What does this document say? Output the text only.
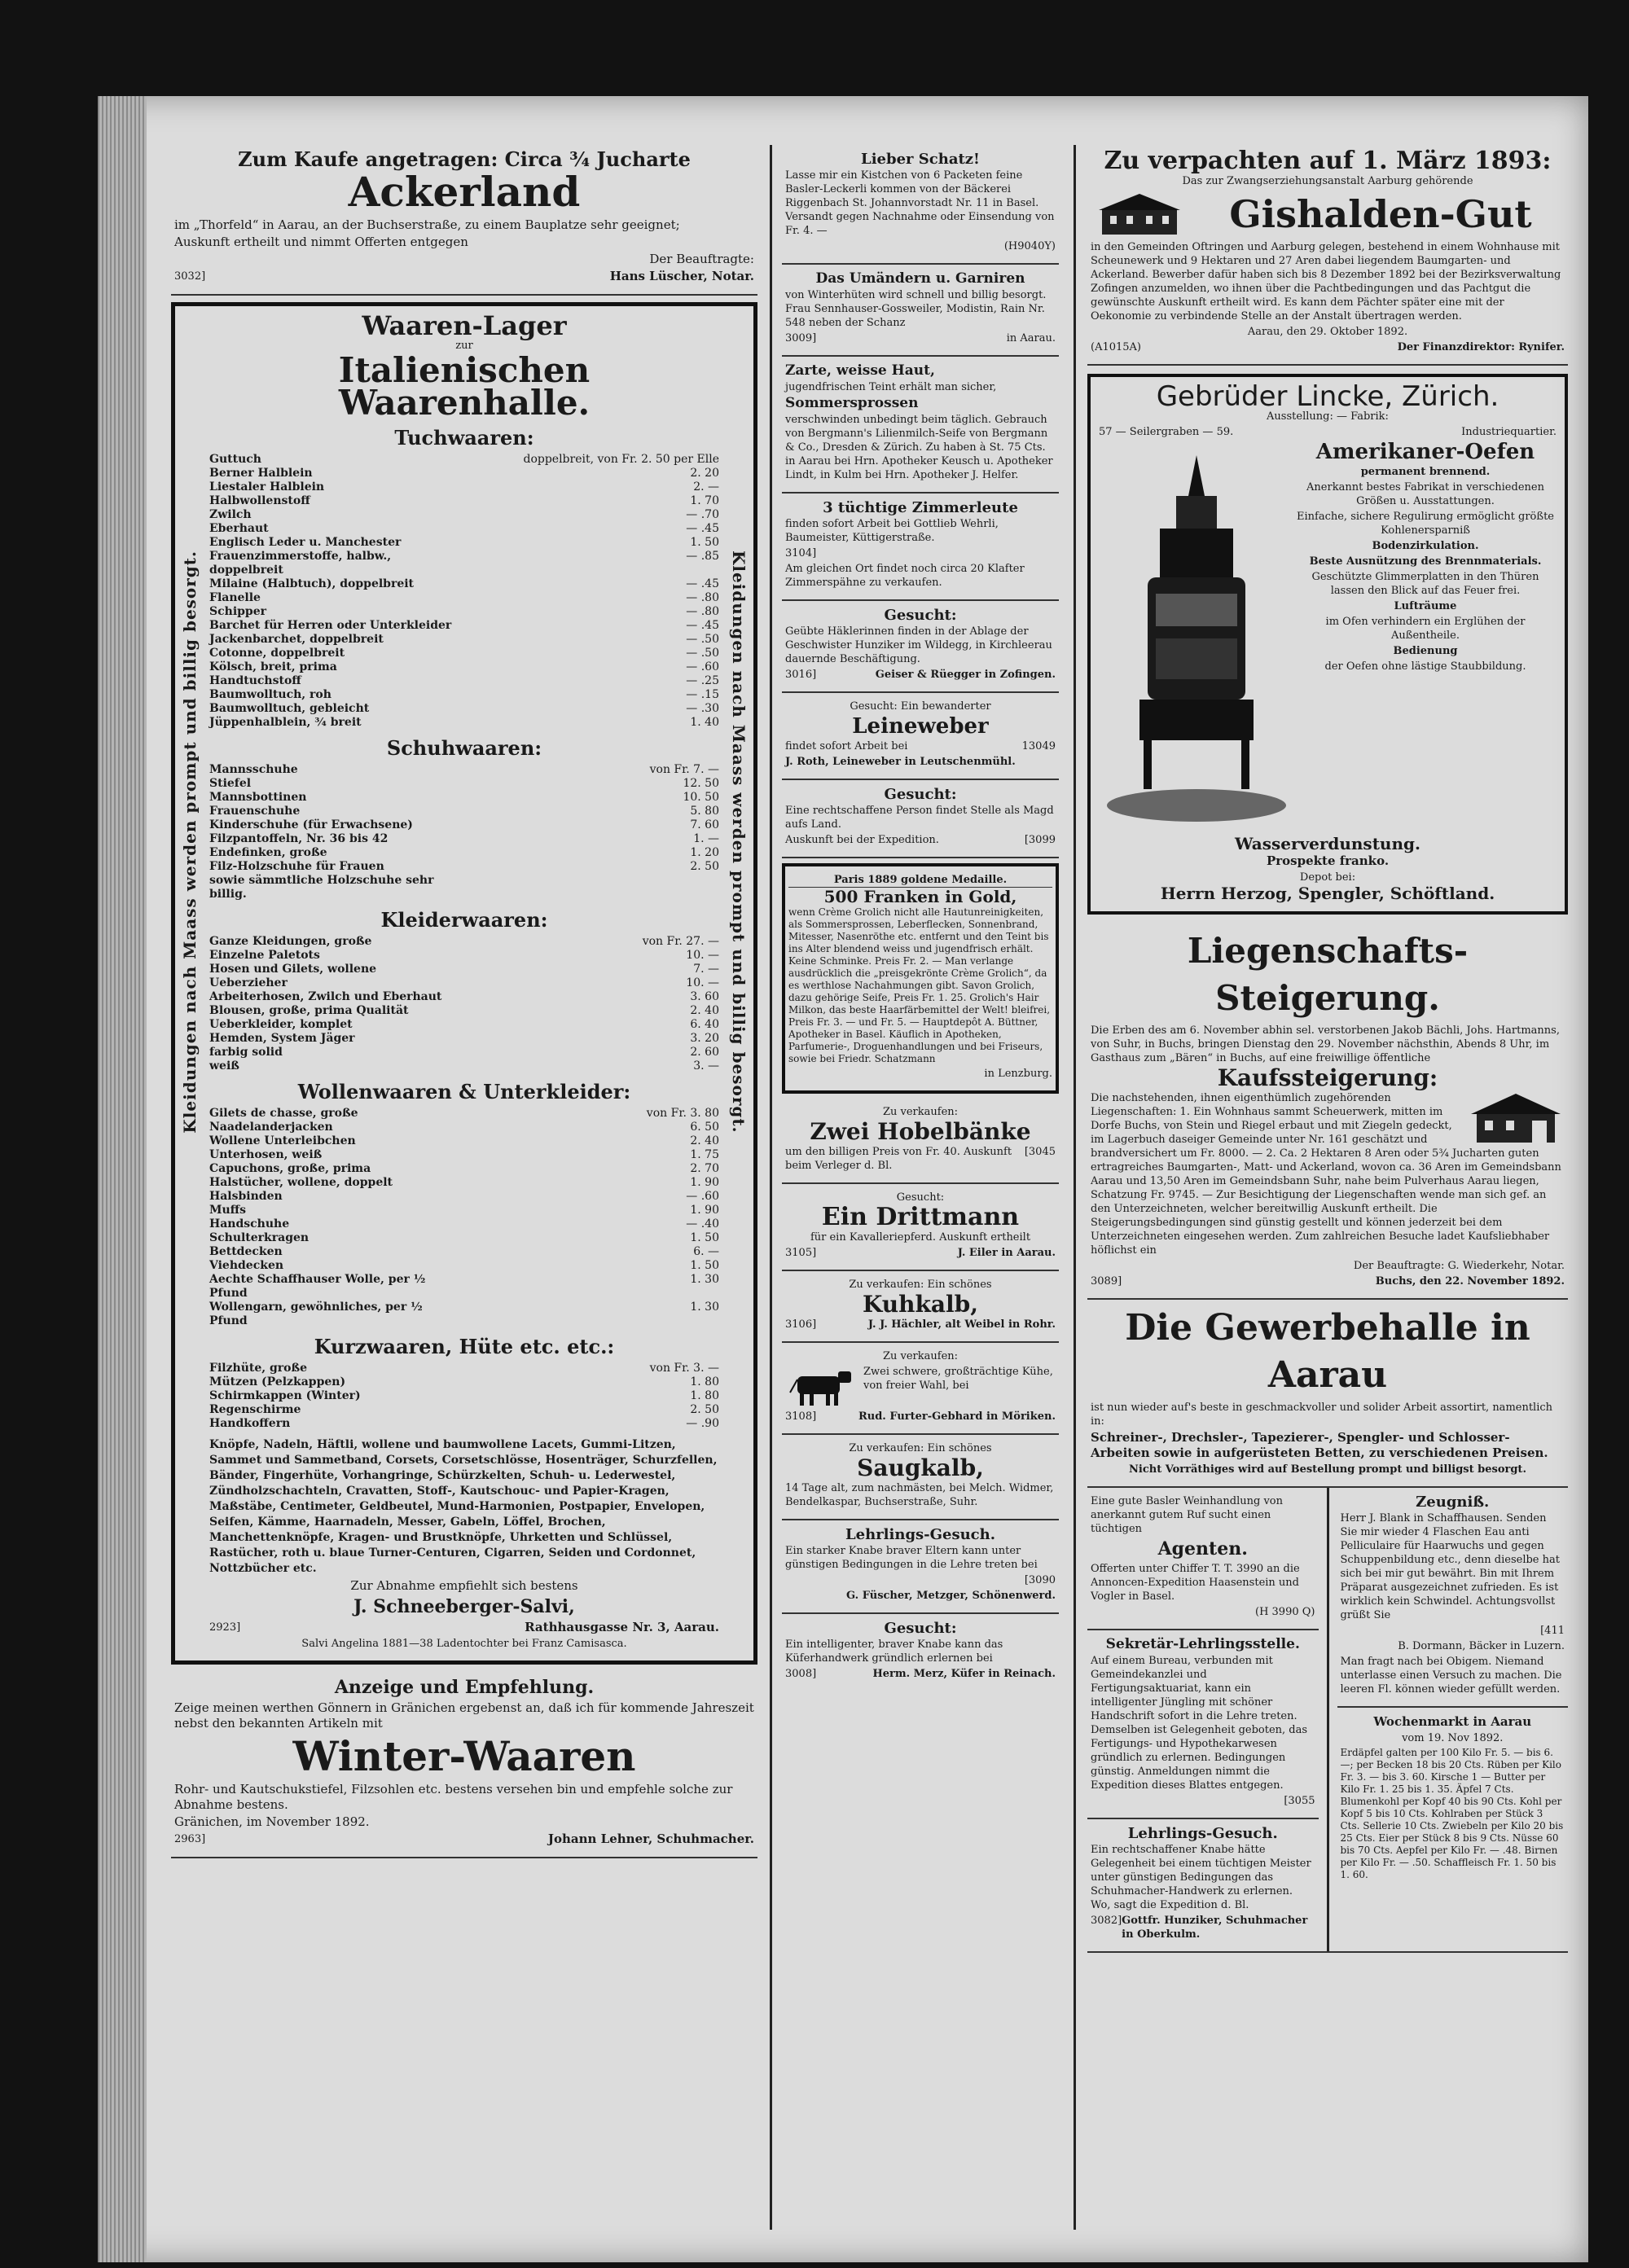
Zum Kaufe angetragen: Circa ¾ Jucharte

Ackerland

im „Thorfeld“ in Aarau, an der Buchserstraße, zu einem Bauplatze sehr geeignet;

Auskunft ertheilt und nimmt Offerten entgegen

Der Beauftragte:

3032]	Hans Lüscher, Notar.

Kleidungen nach Maass werden prompt und billig besorgt.	Kleidungen nach Maass werden prompt und billig besorgt.
Waaren-Lager

zur

Italienischen Waarenhalle.
Tuchwaaren:
Guttuch	doppelbreit, von Fr. 2. 50 per Elle
Berner Halblein	2. 20
Liestaler Halblein	2. —
Halbwollenstoff	1. 70
Zwilch	— .70
Eberhaut	— .45
Englisch Leder u. Manchester	1. 50
Frauenzimmerstoffe, halbw., doppelbreit
— .85
Milaine (Halbtuch), doppelbreit	— .45
Flanelle	— .80
Schipper	— .80
Barchet für Herren oder Unterkleider	— .45
Jackenbarchet, doppelbreit	— .50
Cotonne, doppelbreit	— .50
Kölsch, breit, prima	— .60
Handtuchstoff	— .25
Baumwolltuch, roh	— .15
Baumwolltuch, gebleicht	— .30
Jüppenhalblein, ¾ breit	1. 40
Schuhwaaren:
Mannsschuhe	von Fr. 7. —
Stiefel	12. 50
Mannsbottinen	10. 50
Frauenschuhe	5. 80
Kinderschuhe (für Erwachsene)	7. 60
Filzpantoffeln, Nr. 36 bis 42	1. —
Endefinken, große	1. 20
Filz-Holzschuhe für Frauen	2. 50
sowie sämmtliche Holzschuhe sehr billig.
Kleiderwaaren:
Ganze Kleidungen, große	von Fr. 27. —
Einzelne Paletots	10. —
Hosen und Gilets, wollene	7. —
Ueberzieher	10. —
Arbeiterhosen, Zwilch und Eberhaut	3. 60
Blousen, große, prima Qualität	2. 40
Ueberkleider, komplet	6. 40
Hemden, System Jäger	3. 20
farbig solid	2. 60
weiß	3. —
Wollenwaaren & Unterkleider:
Gilets de chasse, große	von Fr. 3. 80
Naadelanderjacken	6. 50
Wollene Unterleibchen	2. 40
Unterhosen, weiß	1. 75
Capuchons, große, prima	2. 70
Halstücher, wollene, doppelt	1. 90
Halsbinden	— .60
Muffs	1. 90
Handschuhe	— .40
Schulterkragen	1. 50
Bettdecken	6. —
Viehdecken	1. 50
Aechte Schaffhauser Wolle, per ½ Pfund
1. 30
Wollengarn, gewöhnliches, per ½ Pfund
1. 30
Kurzwaaren, Hüte etc. etc.:
Filzhüte, große	von Fr. 3. —
Mützen (Pelzkappen)	1. 80
Schirmkappen (Winter)	1. 80
Regenschirme	2. 50
Handkoffern	— .90

Knöpfe, Nadeln, Häftli, wollene und baumwollene Lacets, Gummi-Litzen, Sammet und Sammetband, Corsets, Corsetschlösse, Hosenträger, Schurzfellen, Bänder, Fingerhüte, Vorhangringe, Schürzkelten, Schuh- u. Lederwestel, Zündholzschachteln, Cravatten, Stoff-, Kautschouc- und Papier-Kragen, Maßstäbe, Centimeter, Geldbeutel, Mund-Harmonien, Postpapier, Envelopen, Seifen, Kämme, Haarnadeln, Messer, Gabeln, Löffel, Brochen, Manchettenknöpfe, Kragen- und Brustknöpfe, Uhrketten und Schlüssel, Rastücher, roth u. blaue Turner-Centuren, Cigarren, Seiden und Cordonnet, Nottzbücher etc.

Zur Abnahme empfiehlt sich bestens

J. Schneeberger-Salvi,

2923]	Rathhausgasse Nr. 3, Aarau.

Salvi Angelina 1881—38 Ladentochter bei Franz Camisasca.

Anzeige und Empfehlung.

Zeige meinen werthen Gönnern in Gränichen ergebenst an, daß ich für kommende Jahreszeit nebst den bekannten Artikeln mit

Winter-Waaren

Rohr- und Kautschukstiefel, Filzsohlen etc. bestens versehen bin und empfehle solche zur Abnahme bestens.

Gränichen, im November 1892.

2963]	Johann Lehner, Schuhmacher.

Lieber Schatz!

Lasse mir ein Kistchen von 6 Packeten feine Basler-Leckerli kommen von der Bäckerei Riggenbach St. Johannvorstadt Nr. 11 in Basel. Versandt gegen Nachnahme oder Einsendung von Fr. 4. —

(H9040Y)

Das Umändern u. Garniren

von Winterhüten wird schnell und billig besorgt. Frau Sennhauser-Gossweiler, Modistin, Rain Nr. 548 neben der Schanz

3009]	in Aarau.

Zarte, weisse Haut,

jugendfrischen Teint erhält man sicher,

Sommersprossen

verschwinden unbedingt beim täglich. Gebrauch von Bergmann's Lilienmilch-Seife von Bergmann & Co., Dresden & Zürich. Zu haben à St. 75 Cts. in Aarau bei Hrn. Apotheker Keusch u. Apotheker Lindt, in Kulm bei Hrn. Apotheker J. Helfer.

3 tüchtige Zimmerleute

finden sofort Arbeit bei Gottlieb Wehrli, Baumeister, Küttigerstraße.

3104]

Am gleichen Ort findet noch circa 20 Klafter Zimmerspähne zu verkaufen.

Gesucht:

Geübte Häklerinnen finden in der Ablage der Geschwister Hunziker im Wildegg, in Kirchleerau dauernde Beschäftigung.

3016]	Geiser & Rüegger in Zofingen.

Gesucht: Ein bewanderter

Leineweber

findet sofort Arbeit bei	13049

J. Roth, Leineweber in Leutschenmühl.

Gesucht:

Eine rechtschaffene Person findet Stelle als Magd aufs Land.

Auskunft bei der Expedition.	[3099

Paris 1889 goldene Medaille.

500 Franken in Gold,

wenn Crème Grolich nicht alle Hautunreinigkeiten, als Sommersprossen, Leberflecken, Sonnenbrand, Mitesser, Nasenröthe etc. entfernt und den Teint bis ins Alter blendend weiss und jugendfrisch erhält. Keine Schminke. Preis Fr. 2. — Man verlange ausdrücklich die „preisgekrönte Crème Grolich“, da es werthlose Nachahmungen gibt. Savon Grolich, dazu gehörige Seife, Preis Fr. 1. 25. Grolich's Hair Milkon, das beste Haarfärbemittel der Welt! bleifrei, Preis Fr. 3. — und Fr. 5. — Hauptdepôt A. Büttner, Apotheker in Basel. Käuflich in Apotheken, Parfumerie-, Droguenhandlungen und bei Friseurs, sowie bei Friedr. Schatzmann

in Lenzburg.

Zu verkaufen:

Zwei Hobelbänke

um den billigen Preis von Fr. 40. Auskunft beim Verleger d. Bl.
[3045

Gesucht:

Ein Drittmann

für ein Kavalleriepferd. Auskunft ertheilt

3105]	J. Eiler in Aarau.

Zu verkaufen: Ein schönes

Kuhkalb,

3106]	J. J. Hächler, alt Weibel in Rohr.

Zu verkaufen:

Zwei schwere, großträchtige Kühe, von freier Wahl, bei

3108]	Rud. Furter-Gebhard in Möriken.

Zu verkaufen: Ein schönes

Saugkalb,

14 Tage alt, zum nachmästen, bei Melch. Widmer, Bendelkaspar, Buchserstraße, Suhr.

Lehrlings-Gesuch.

Ein starker Knabe braver Eltern kann unter günstigen Bedingungen in die Lehre treten bei

[3090

G. Füscher, Metzger, Schönenwerd.

Gesucht:

Ein intelligenter, braver Knabe kann das Küferhandwerk gründlich erlernen bei

3008]	Herm. Merz, Küfer in Reinach.

Zu verpachten auf 1. März 1893:

Das zur Zwangserziehungsanstalt Aarburg gehörende

Gishalden-Gut

in den Gemeinden Oftringen und Aarburg gelegen, bestehend in einem Wohnhause mit Scheunewerk und 9 Hektaren und 27 Aren dabei liegendem Baumgarten- und Ackerland. Bewerber dafür haben sich bis 8 Dezember 1892 bei der Bezirksverwaltung Zofingen anzumelden, wo ihnen über die Pachtbedingungen und das Pachtgut die gewünschte Auskunft ertheilt wird. Es kann dem Pächter später eine mit der Oekonomie zu verbindende Stelle an der Anstalt übertragen werden.

Aarau, den 29. Oktober 1892.

(A1015A)	Der Finanzdirektor: Rynifer.

Gebrüder Lincke, Zürich.

Ausstellung: — Fabrik:

57 — Seilergraben — 59.	Industriequartier.

Amerikaner-Oefen

permanent brennend.

Anerkannt bestes Fabrikat in verschiedenen Größen u. Ausstattungen.

Einfache, sichere Regulirung ermöglicht größte Kohlenersparniß

Bodenzirkulation.

Beste Ausnützung des Brennmaterials.

Geschützte Glimmerplatten in den Thüren lassen den Blick auf das Feuer frei.

Lufträume

im Ofen verhindern ein Erglühen der Außentheile.

Bedienung

der Oefen ohne lästige Staubbildung.

Wasserverdunstung.

Prospekte franko.

Depot bei:

Herrn Herzog, Spengler, Schöftland.

Liegenschafts-Steigerung.

Die Erben des am 6. November abhin sel. verstorbenen Jakob Bächli, Johs. Hartmanns, von Suhr, in Buchs, bringen Dienstag den 29. November nächsthin, Abends 8 Uhr, im Gasthaus zum „Bären“ in Buchs, auf eine freiwillige öffentliche

Kaufssteigerung:

Die nachstehenden, ihnen eigenthümlich zugehörenden Liegenschaften: 1. Ein Wohnhaus sammt Scheuerwerk, mitten im Dorfe Buchs, von Stein und Riegel erbaut und mit Ziegeln gedeckt, im Lagerbuch daseiger Gemeinde unter Nr. 161 geschätzt und brandversichert um Fr. 8000. — 2. Ca. 2 Hektaren 8 Aren oder 5¾ Jucharten guten ertragreiches Baumgarten-, Matt- und Ackerland, wovon ca. 36 Aren im Gemeindsbann Aarau und 13,50 Aren im Gemeindsbann Suhr, nahe beim Pulverhaus Aarau liegen, Schatzung Fr. 9745. — Zur Besichtigung der Liegenschaften wende man sich gef. an den Unterzeichneten, welcher bereitwillig Auskunft ertheilt. Die Steigerungsbedingungen sind günstig gestellt und können jederzeit bei dem Unterzeichneten eingesehen werden. Zum zahlreichen Besuche ladet Kaufsliebhaber höflichst ein

Der Beauftragte: G. Wiederkehr, Notar.

3089]	Buchs, den 22. November 1892.

Die Gewerbehalle in Aarau

ist nun wieder auf's beste in geschmackvoller und solider Arbeit assortirt, namentlich in:

Schreiner-, Drechsler-, Tapezierer-, Spengler- und Schlosser-Arbeiten sowie in aufgerüsteten Betten, zu verschiedenen Preisen.

Nicht Vorräthiges wird auf Bestellung prompt und billigst besorgt.

Eine gute Basler Weinhandlung von anerkannt gutem Ruf sucht einen tüchtigen

Agenten.

Offerten unter Chiffer T. T. 3990 an die Annoncen-Expedition Haasenstein und Vogler in Basel.

(H 3990 Q)

Sekretär-Lehrlingsstelle.

Auf einem Bureau, verbunden mit Gemeindekanzlei und Fertigungsaktuariat, kann ein intelligenter Jüngling mit schöner Handschrift sofort in die Lehre treten. Demselben ist Gelegenheit geboten, das Fertigungs- und Hypothekarwesen gründlich zu erlernen. Bedingungen günstig. Anmeldungen nimmt die Expedition dieses Blattes entgegen.

[3055

Lehrlings-Gesuch.

Ein rechtschaffener Knabe hätte Gelegenheit bei einem tüchtigen Meister unter günstigen Bedingungen das Schuhmacher-Handwerk zu erlernen. Wo, sagt die Expedition d. Bl.

3082] Gottfr. Hunziker, Schuhmacher in Oberkulm.

Zeugniß.

Herr J. Blank in Schaffhausen. Senden Sie mir wieder 4 Flaschen Eau anti Pelliculaire für Haarwuchs und gegen Schuppenbildung etc., denn dieselbe hat sich bei mir gut bewährt. Bin mit Ihrem Präparat ausgezeichnet zufrieden. Es ist wirklich kein Schwindel. Achtungsvollst grüßt Sie

[411

B. Dormann, Bäcker in Luzern.

Man fragt nach bei Obigem. Niemand unterlasse einen Versuch zu machen. Die leeren Fl. können wieder gefüllt werden.

Wochenmarkt in Aarau

vom 19. Nov 1892.

Erdäpfel galten per 100 Kilo Fr. 5. — bis 6. —; per Becken 18 bis 20 Cts. Rüben per Kilo Fr. 3. — bis 3. 60. Kirsche 1 — Butter per Kilo Fr. 1. 25 bis 1. 35. Äpfel 7 Cts. Blumenkohl per Kopf 40 bis 90 Cts. Kohl per Kopf 5 bis 10 Cts. Kohlraben per Stück 3 Cts. Sellerie 10 Cts. Zwiebeln per Kilo 20 bis 25 Cts. Eier per Stück 8 bis 9 Cts. Nüsse 60 bis 70 Cts. Aepfel per Kilo Fr. — .48. Birnen per Kilo Fr. — .50. Schaffleisch Fr. 1. 50 bis 1. 60.
